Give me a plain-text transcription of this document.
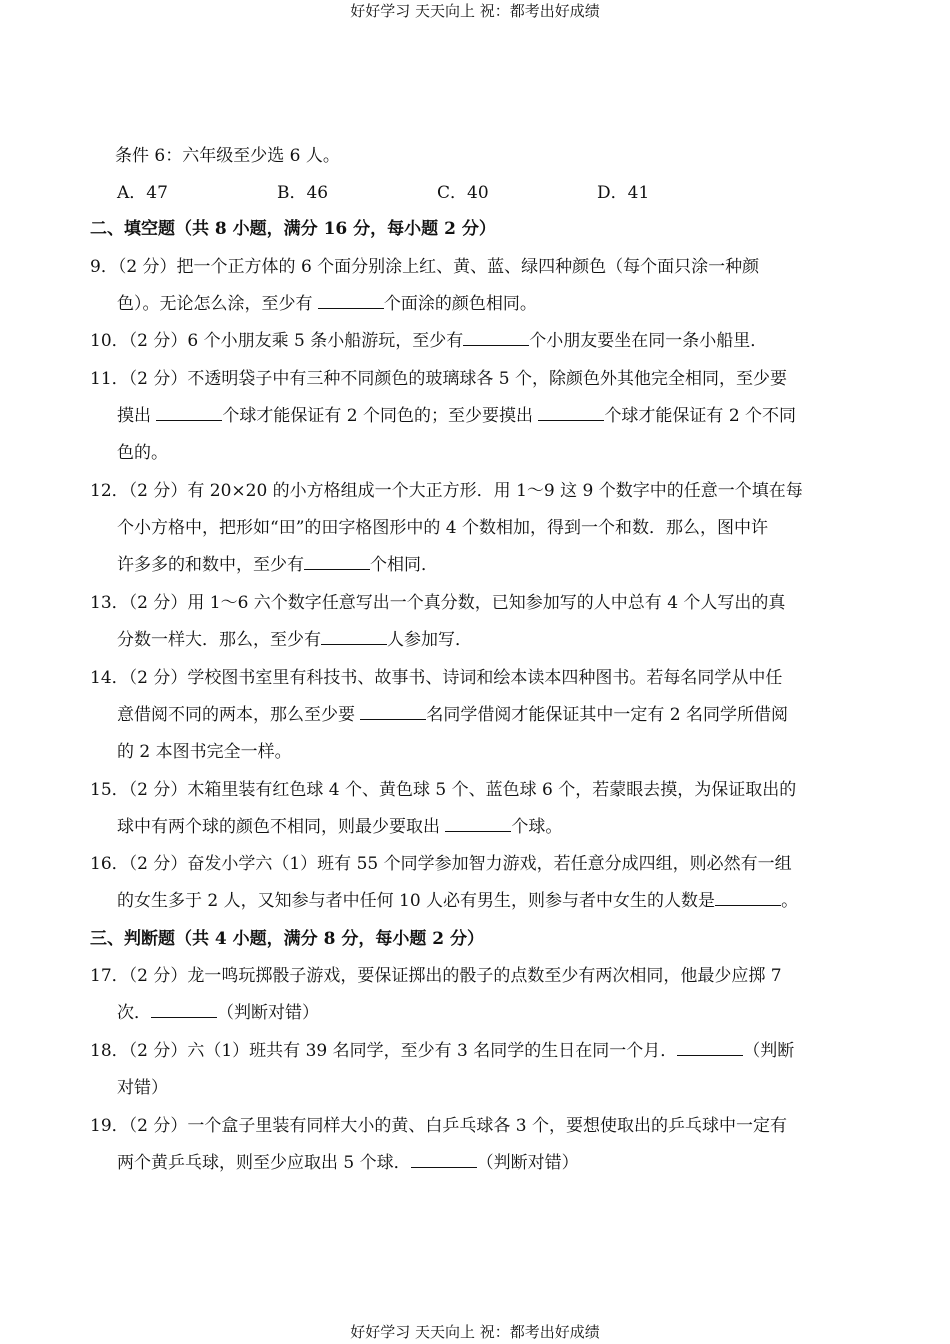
好好学习 天天向上 祝：都考出好成绩
条件 6：六年级至少选 6 人。
A．47	B．46	C．40	D．41
二、填空题（共 8 小题，满分 16 分，每小题 2 分）
9．（2 分）把一个正方体的 6 个面分别涂上红、黄、蓝、绿四种颜色（每个面只涂一种颜
色）。无论怎么涂，至少有	个面涂的颜色相同。
10．（2 分）6 个小朋友乘 5 条小船游玩，至少有	个小朋友要坐在同一条小船里．
11．（2 分）不透明袋子中有三种不同颜色的玻璃球各 5 个，除颜色外其他完全相同，至少要
摸出	个球才能保证有 2 个同色的；至少要摸出	个球才能保证有 2 个不同
色的。
12．（2 分）有 20×20 的小方格组成一个大正方形．用 1～9 这 9 个数字中的任意一个填在每
个小方格中，把形如“田”的田字格图形中的 4 个数相加，得到一个和数．那么，图中许
许多多的和数中，至少有	个相同．
13．（2 分）用 1～6 六个数字任意写出一个真分数，已知参加写的人中总有 4 个人写出的真
分数一样大．那么，至少有	人参加写．
14．（2 分）学校图书室里有科技书、故事书、诗词和绘本读本四种图书。若每名同学从中任
意借阅不同的两本，那么至少要	名同学借阅才能保证其中一定有 2 名同学所借阅
的 2 本图书完全一样。
15．（2 分）木箱里装有红色球 4 个、黄色球 5 个、蓝色球 6 个，若蒙眼去摸，为保证取出的
球中有两个球的颜色不相同，则最少要取出	个球。
16．（2 分）奋发小学六（1）班有 55 个同学参加智力游戏，若任意分成四组，则必然有一组
的女生多于 2 人，又知参与者中任何 10 人必有男生，则参与者中女生的人数是	。
三、判断题（共 4 小题，满分 8 分，每小题 2 分）
17．（2 分）龙一鸣玩掷骰子游戏，要保证掷出的骰子的点数至少有两次相同，他最少应掷 7
次．	（判断对错）
18．（2 分）六（1）班共有 39 名同学，至少有 3 名同学的生日在同一个月．	（判断
对错）
19．（2 分）一个盒子里装有同样大小的黄、白乒乓球各 3 个，要想使取出的乒乓球中一定有
两个黄乒乓球，则至少应取出 5 个球．	（判断对错）
好好学习 天天向上 祝：都考出好成绩
